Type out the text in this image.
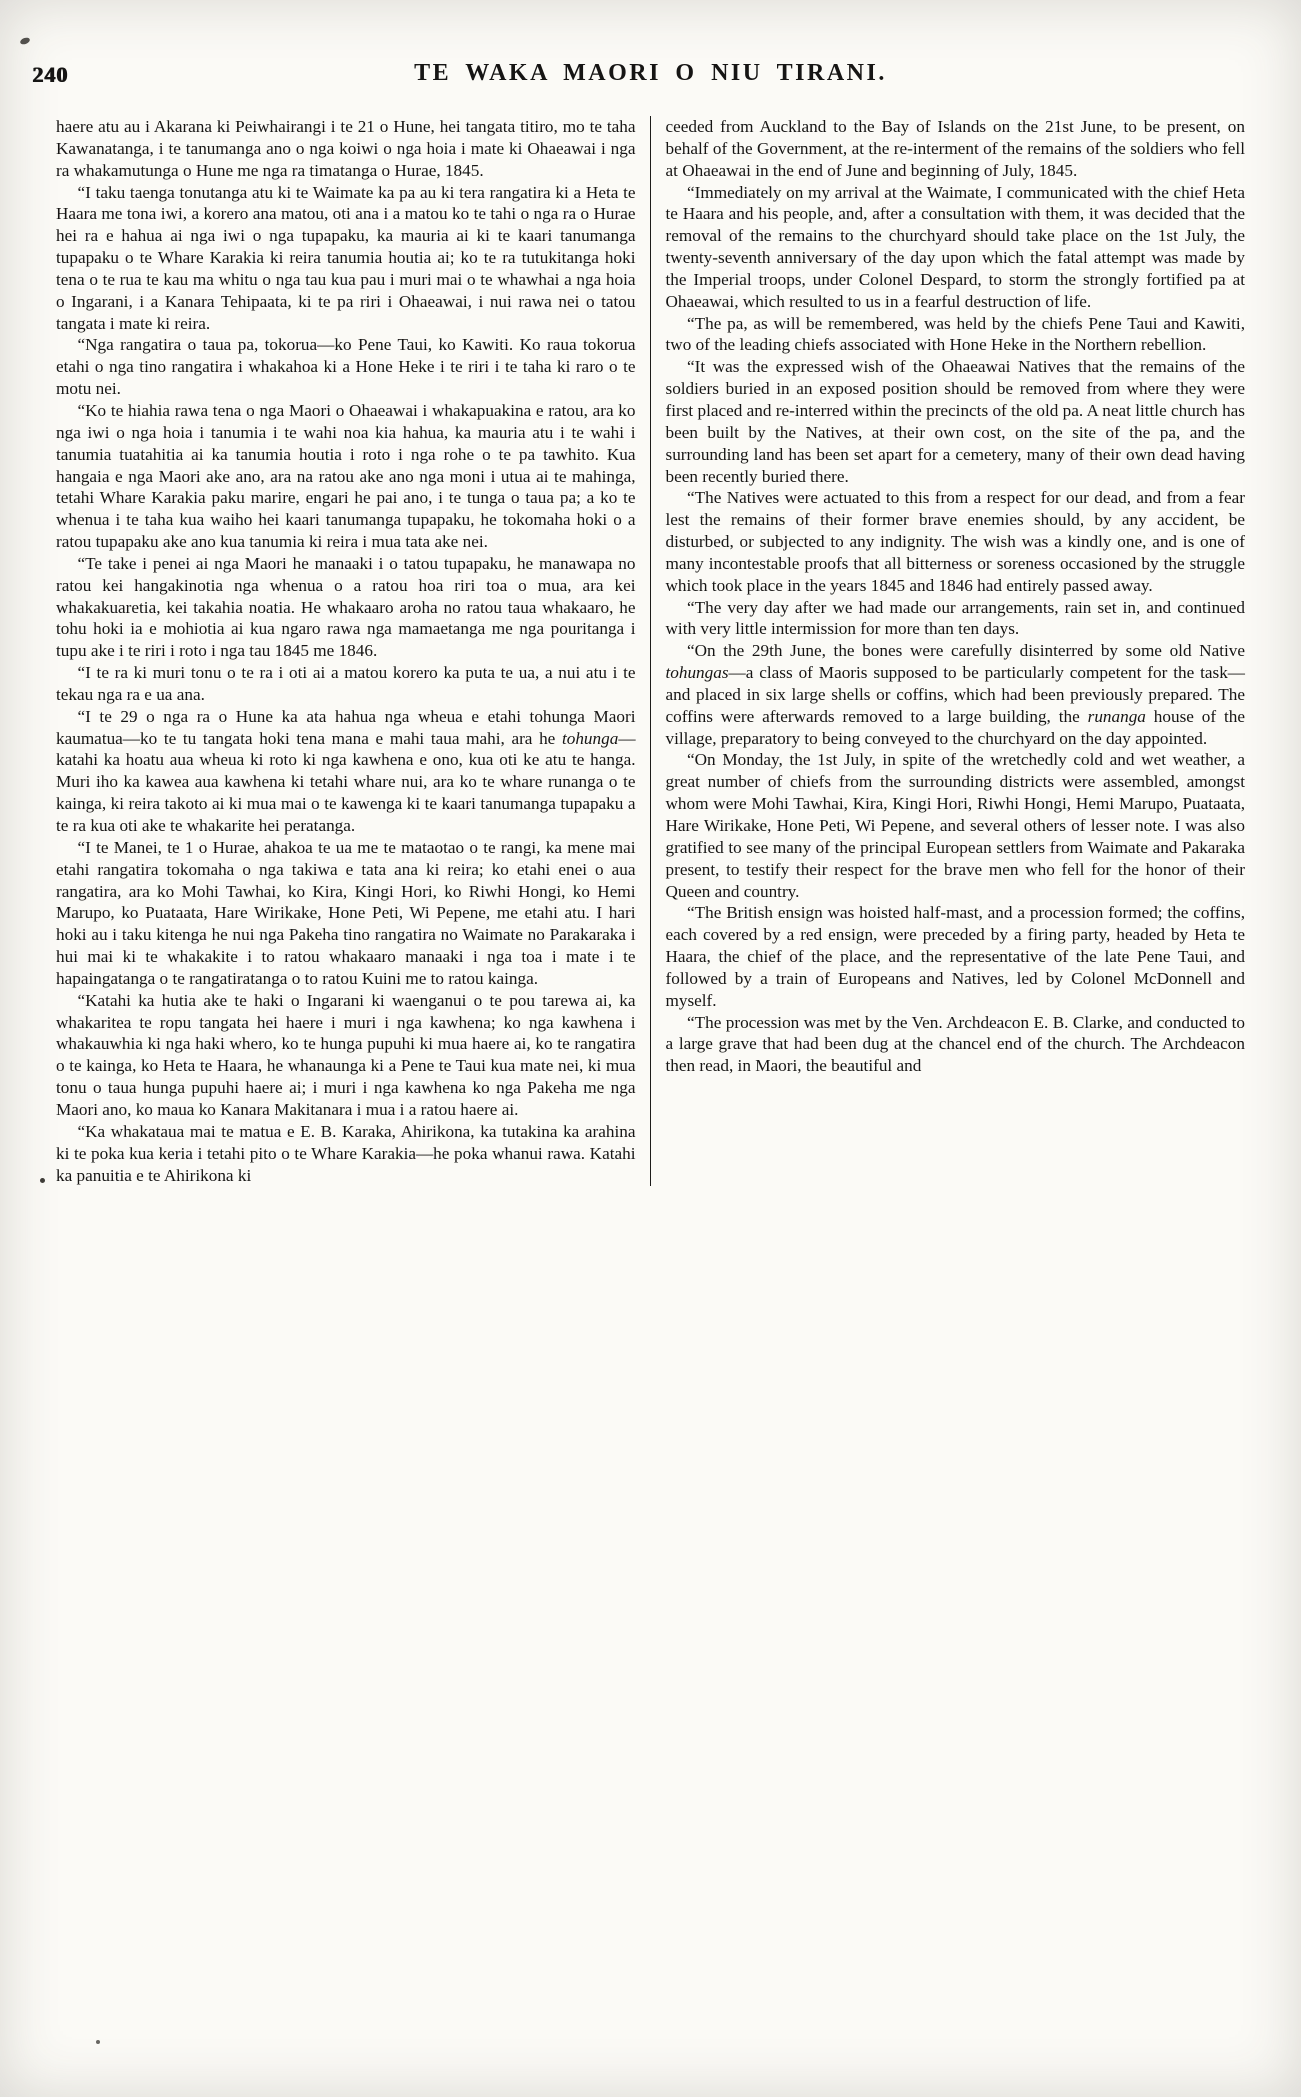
240	TE WAKA MAORI O NIU TIRANI.

haere atu au i Akarana ki Peiwhairangi i te 21 o Hune, hei tangata titiro, mo te taha Kawanatanga, i te tanumanga ano o nga koiwi o nga hoia i mate ki Ohaeawai i nga ra whakamutunga o Hune me nga ra timatanga o Hurae, 1845.

“I taku taenga tonutanga atu ki te Waimate ka pa au ki tera rangatira ki a Heta te Haara me tona iwi, a korero ana matou, oti ana i a matou ko te tahi o nga ra o Hurae hei ra e hahua ai nga iwi o nga tupapaku, ka mauria ai ki te kaari tanumanga tupapaku o te Whare Karakia ki reira tanumia houtia ai; ko te ra tutukitanga hoki tena o te rua te kau ma whitu o nga tau kua pau i muri mai o te whawhai a nga hoia o Ingarani, i a Kanara Tehipaata, ki te pa riri i Ohaeawai, i nui rawa nei o tatou tangata i mate ki reira.

“Nga rangatira o taua pa, tokorua—ko Pene Taui, ko Kawiti. Ko raua tokorua etahi o nga tino rangatira i whakahoa ki a Hone Heke i te riri i te taha ki raro o te motu nei.

“Ko te hiahia rawa tena o nga Maori o Ohaeawai i whakapuakina e ratou, ara ko nga iwi o nga hoia i tanumia i te wahi noa kia hahua, ka mauria atu i te wahi i tanumia tuatahitia ai ka tanumia houtia i roto i nga rohe o te pa tawhito. Kua hangaia e nga Maori ake ano, ara na ratou ake ano nga moni i utua ai te mahinga, tetahi Whare Karakia paku marire, engari he pai ano, i te tunga o taua pa; a ko te whenua i te taha kua waiho hei kaari tanumanga tupapaku, he tokomaha hoki o a ratou tupapaku ake ano kua tanumia ki reira i mua tata ake nei.

“Te take i penei ai nga Maori he manaaki i o tatou tupapaku, he manawapa no ratou kei hangakinotia nga whenua o a ratou hoa riri toa o mua, ara kei whakakuaretia, kei takahia noatia. He whakaaro aroha no ratou taua whakaaro, he tohu hoki ia e mohiotia ai kua ngaro rawa nga mamaetanga me nga pouritanga i tupu ake i te riri i roto i nga tau 1845 me 1846.

“I te ra ki muri tonu o te ra i oti ai a matou korero ka puta te ua, a nui atu i te tekau nga ra e ua ana.

“I te 29 o nga ra o Hune ka ata hahua nga wheua e etahi tohunga Maori kaumatua—ko te tu tangata hoki tena mana e mahi taua mahi, ara he tohunga—katahi ka hoatu aua wheua ki roto ki nga kawhena e ono, kua oti ke atu te hanga. Muri iho ka kawea aua kawhena ki tetahi whare nui, ara ko te whare runanga o te kainga, ki reira takoto ai ki mua mai o te kawenga ki te kaari tanumanga tupapaku a te ra kua oti ake te whakarite hei peratanga.

“I te Manei, te 1 o Hurae, ahakoa te ua me te mataotao o te rangi, ka mene mai etahi rangatira tokomaha o nga takiwa e tata ana ki reira; ko etahi enei o aua rangatira, ara ko Mohi Tawhai, ko Kira, Kingi Hori, ko Riwhi Hongi, ko Hemi Marupo, ko Puataata, Hare Wirikake, Hone Peti, Wi Pepene, me etahi atu. I hari hoki au i taku kitenga he nui nga Pakeha tino rangatira no Waimate no Parakaraka i hui mai ki te whakakite i to ratou whakaaro manaaki i nga toa i mate i te hapaingatanga o te rangatiratanga o to ratou Kuini me to ratou kainga.

“Katahi ka hutia ake te haki o Ingarani ki waenganui o te pou tarewa ai, ka whakaritea te ropu tangata hei haere i muri i nga kawhena; ko nga kawhena i whakauwhia ki nga haki whero, ko te hunga pupuhi ki mua haere ai, ko te rangatira o te kainga, ko Heta te Haara, he whanaunga ki a Pene te Taui kua mate nei, ki mua tonu o taua hunga pupuhi haere ai; i muri i nga kawhena ko nga Pakeha me nga Maori ano, ko maua ko Kanara Makitanara i mua i a ratou haere ai.

“Ka whakataua mai te matua e E. B. Karaka, Ahirikona, ka tutakina ka arahina ki te poka kua keria i tetahi pito o te Whare Karakia—he poka whanui rawa. Katahi ka panuitia e te Ahirikona ki

ceeded from Auckland to the Bay of Islands on the 21st June, to be present, on behalf of the Government, at the re-interment of the remains of the soldiers who fell at Ohaeawai in the end of June and beginning of July, 1845.

“Immediately on my arrival at the Waimate, I communicated with the chief Heta te Haara and his people, and, after a consultation with them, it was decided that the removal of the remains to the churchyard should take place on the 1st July, the twenty-seventh anniversary of the day upon which the fatal attempt was made by the Imperial troops, under Colonel Despard, to storm the strongly fortified pa at Ohaeawai, which resulted to us in a fearful destruction of life.

“The pa, as will be remembered, was held by the chiefs Pene Taui and Kawiti, two of the leading chiefs associated with Hone Heke in the Northern rebellion.

“It was the expressed wish of the Ohaeawai Natives that the remains of the soldiers buried in an exposed position should be removed from where they were first placed and re-interred within the precincts of the old pa. A neat little church has been built by the Natives, at their own cost, on the site of the pa, and the surrounding land has been set apart for a cemetery, many of their own dead having been recently buried there.

“The Natives were actuated to this from a respect for our dead, and from a fear lest the remains of their former brave enemies should, by any accident, be disturbed, or subjected to any indignity. The wish was a kindly one, and is one of many incontestable proofs that all bitterness or soreness occasioned by the struggle which took place in the years 1845 and 1846 had entirely passed away.

“The very day after we had made our arrangements, rain set in, and continued with very little intermission for more than ten days.

“On the 29th June, the bones were carefully disinterred by some old Native tohungas—a class of Maoris supposed to be particularly competent for the task—and placed in six large shells or coffins, which had been previously prepared. The coffins were afterwards removed to a large building, the runanga house of the village, preparatory to being conveyed to the churchyard on the day appointed.

“On Monday, the 1st July, in spite of the wretchedly cold and wet weather, a great number of chiefs from the surrounding districts were assembled, amongst whom were Mohi Tawhai, Kira, Kingi Hori, Riwhi Hongi, Hemi Marupo, Puataata, Hare Wirikake, Hone Peti, Wi Pepene, and several others of lesser note. I was also gratified to see many of the principal European settlers from Waimate and Pakaraka present, to testify their respect for the brave men who fell for the honor of their Queen and country.

“The British ensign was hoisted half-mast, and a procession formed; the coffins, each covered by a red ensign, were preceded by a firing party, headed by Heta te Haara, the chief of the place, and the representative of the late Pene Taui, and followed by a train of Europeans and Natives, led by Colonel McDonnell and myself.

“The procession was met by the Ven. Archdeacon E. B. Clarke, and conducted to a large grave that had been dug at the chancel end of the church. The Archdeacon then read, in Maori, the beautiful and
